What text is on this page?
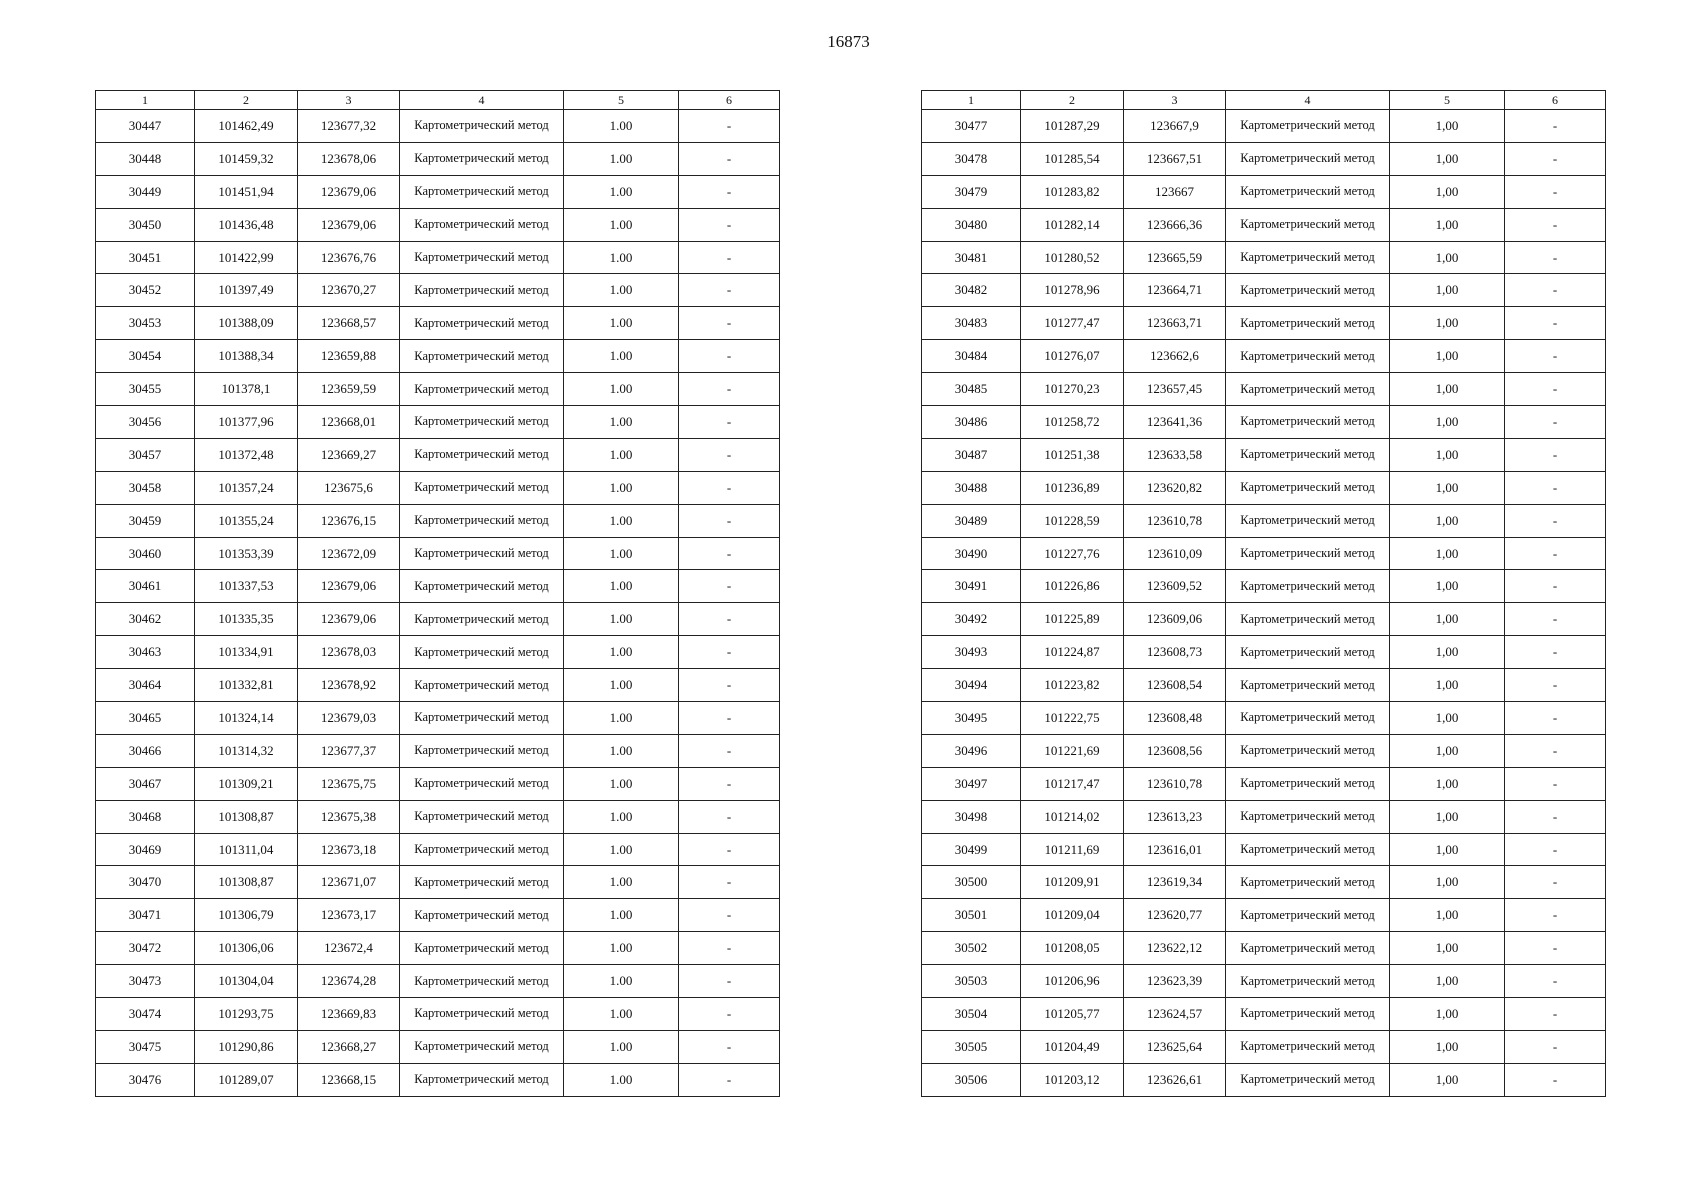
16873
1	2	3	4	5	6
30447	101462,49	123677,32	Картометрический метод	1.00	-
30448	101459,32	123678,06	Картометрический метод	1.00	-
30449	101451,94	123679,06	Картометрический метод	1.00	-
30450	101436,48	123679,06	Картометрический метод	1.00	-
30451	101422,99	123676,76	Картометрический метод	1.00	-
30452	101397,49	123670,27	Картометрический метод	1.00	-
30453	101388,09	123668,57	Картометрический метод	1.00	-
30454	101388,34	123659,88	Картометрический метод	1.00	-
30455	101378,1	123659,59	Картометрический метод	1.00	-
30456	101377,96	123668,01	Картометрический метод	1.00	-
30457	101372,48	123669,27	Картометрический метод	1.00	-
30458	101357,24	123675,6	Картометрический метод	1.00	-
30459	101355,24	123676,15	Картометрический метод	1.00	-
30460	101353,39	123672,09	Картометрический метод	1.00	-
30461	101337,53	123679,06	Картометрический метод	1.00	-
30462	101335,35	123679,06	Картометрический метод	1.00	-
30463	101334,91	123678,03	Картометрический метод	1.00	-
30464	101332,81	123678,92	Картометрический метод	1.00	-
30465	101324,14	123679,03	Картометрический метод	1.00	-
30466	101314,32	123677,37	Картометрический метод	1.00	-
30467	101309,21	123675,75	Картометрический метод	1.00	-
30468	101308,87	123675,38	Картометрический метод	1.00	-
30469	101311,04	123673,18	Картометрический метод	1.00	-
30470	101308,87	123671,07	Картометрический метод	1.00	-
30471	101306,79	123673,17	Картометрический метод	1.00	-
30472	101306,06	123672,4	Картометрический метод	1.00	-
30473	101304,04	123674,28	Картометрический метод	1.00	-
30474	101293,75	123669,83	Картометрический метод	1.00	-
30475	101290,86	123668,27	Картометрический метод	1.00	-
30476	101289,07	123668,15	Картометрический метод	1.00	-
1	2	3	4	5	6
30477	101287,29	123667,9	Картометрический метод	1,00	-
30478	101285,54	123667,51	Картометрический метод	1,00	-
30479	101283,82	123667	Картометрический метод	1,00	-
30480	101282,14	123666,36	Картометрический метод	1,00	-
30481	101280,52	123665,59	Картометрический метод	1,00	-
30482	101278,96	123664,71	Картометрический метод	1,00	-
30483	101277,47	123663,71	Картометрический метод	1,00	-
30484	101276,07	123662,6	Картометрический метод	1,00	-
30485	101270,23	123657,45	Картометрический метод	1,00	-
30486	101258,72	123641,36	Картометрический метод	1,00	-
30487	101251,38	123633,58	Картометрический метод	1,00	-
30488	101236,89	123620,82	Картометрический метод	1,00	-
30489	101228,59	123610,78	Картометрический метод	1,00	-
30490	101227,76	123610,09	Картометрический метод	1,00	-
30491	101226,86	123609,52	Картометрический метод	1,00	-
30492	101225,89	123609,06	Картометрический метод	1,00	-
30493	101224,87	123608,73	Картометрический метод	1,00	-
30494	101223,82	123608,54	Картометрический метод	1,00	-
30495	101222,75	123608,48	Картометрический метод	1,00	-
30496	101221,69	123608,56	Картометрический метод	1,00	-
30497	101217,47	123610,78	Картометрический метод	1,00	-
30498	101214,02	123613,23	Картометрический метод	1,00	-
30499	101211,69	123616,01	Картометрический метод	1,00	-
30500	101209,91	123619,34	Картометрический метод	1,00	-
30501	101209,04	123620,77	Картометрический метод	1,00	-
30502	101208,05	123622,12	Картометрический метод	1,00	-
30503	101206,96	123623,39	Картометрический метод	1,00	-
30504	101205,77	123624,57	Картометрический метод	1,00	-
30505	101204,49	123625,64	Картометрический метод	1,00	-
30506	101203,12	123626,61	Картометрический метод	1,00	-
